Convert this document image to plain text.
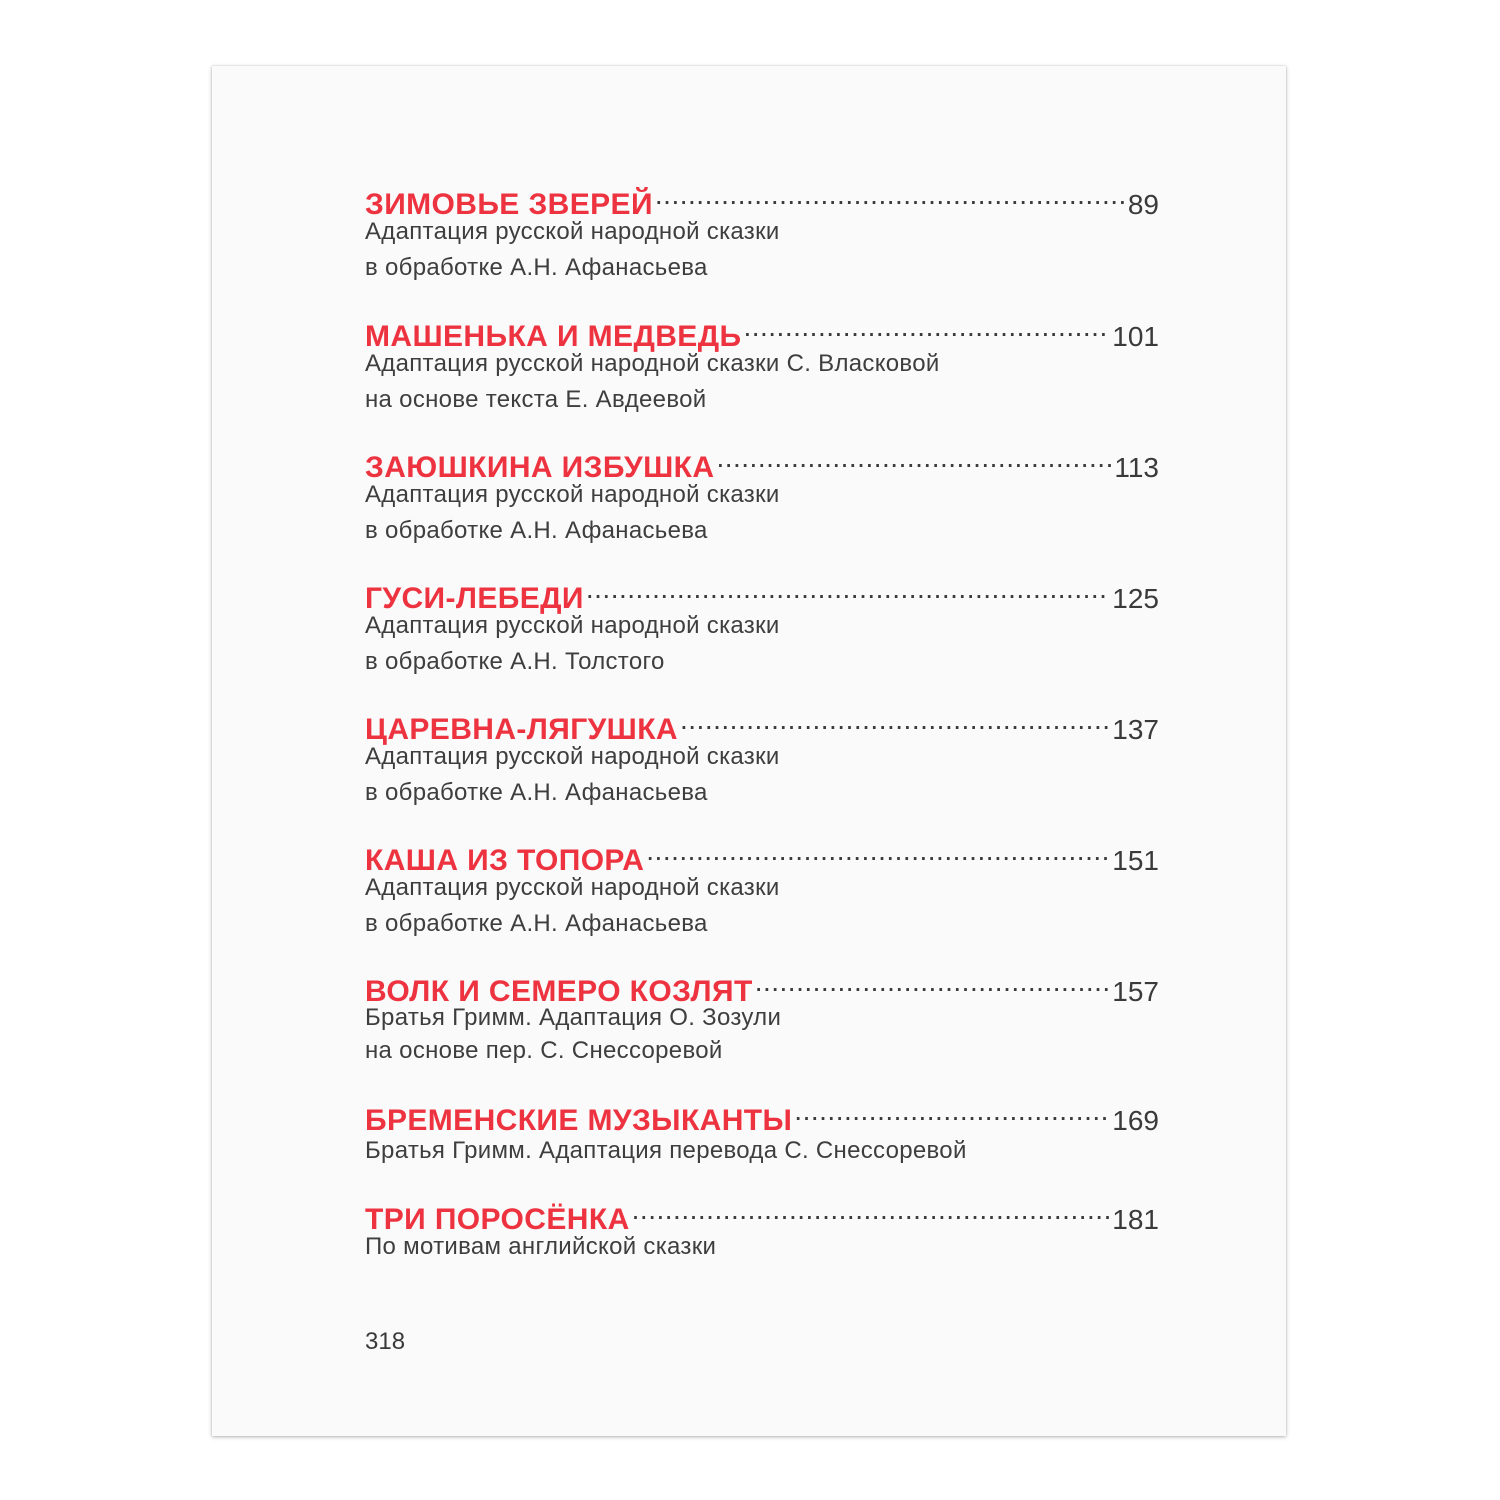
ЗИМОВЬЕ ЗВЕРЕЙ .....	89
Адаптация русской народной сказки
в обработке А.Н. Афанасьева
МАШЕНЬКА И МЕДВЕДЬ .....	101
Адаптация русской народной сказки С. Власковой
на основе текста Е. Авдеевой
ЗАЮШКИНА ИЗБУШКА .....	113
Адаптация русской народной сказки
в обработке А.Н. Афанасьева
ГУСИ-ЛЕБЕДИ .....	125
Адаптация русской народной сказки
в обработке А.Н. Толстого
ЦАРЕВНА-ЛЯГУШКА .....	137
Адаптация русской народной сказки
в обработке А.Н. Афанасьева
КАША ИЗ ТОПОРА .....	151
Адаптация русской народной сказки
в обработке А.Н. Афанасьева
ВОЛК И СЕМЕРО КОЗЛЯТ .....	157
Братья Гримм. Адаптация О. Зозули
на основе пер. С. Снессоревой
БРЕМЕНСКИЕ МУЗЫКАНТЫ .....	169
Братья Гримм. Адаптация перевода С. Снессоревой
ТРИ ПОРОСЁНКА .....	181
По мотивам английской сказки
318
